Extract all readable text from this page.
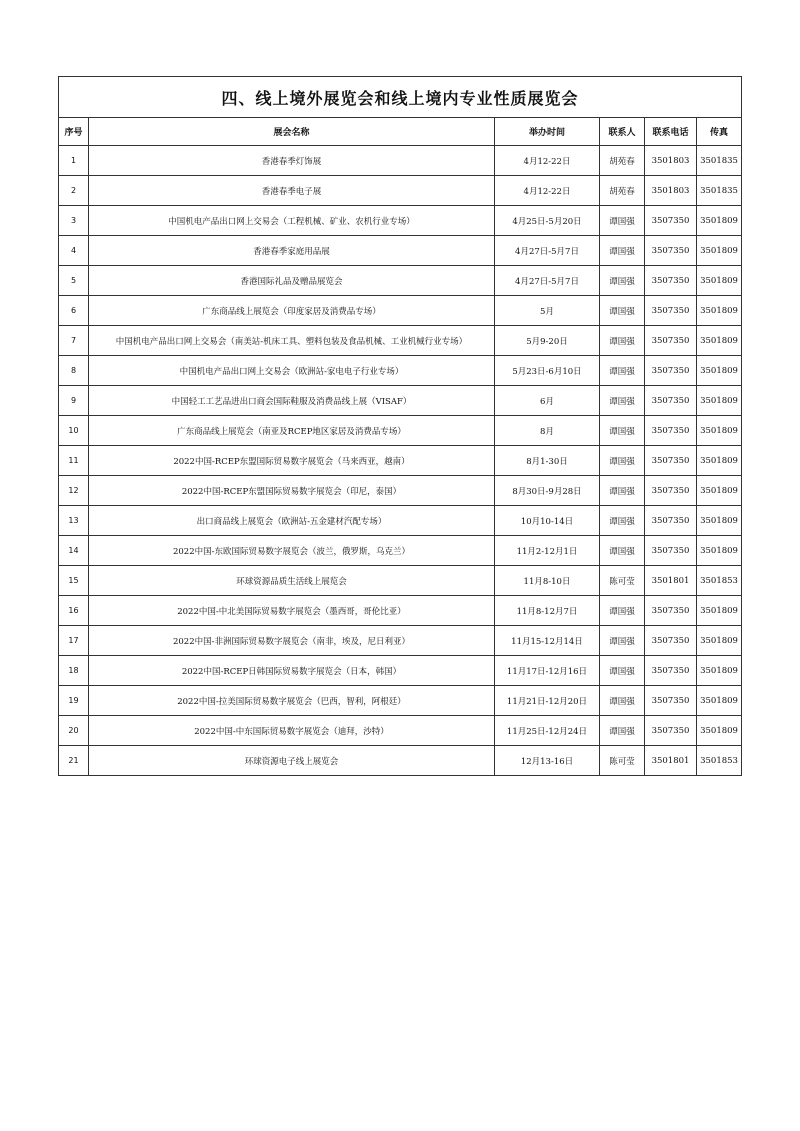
四、线上境外展览会和线上境内专业性质展览会					
序号	展会名称	举办时间	联系人	联系电话	传真
1	香港春季灯饰展	4月12-22日	胡苑春	3501803	3501835
2	香港春季电子展	4月12-22日	胡苑春	3501803	3501835
3	中国机电产品出口网上交易会（工程机械、矿业、农机行业专场）	4月25日-5月20日	谭国强	3507350	3501809
4	香港春季家庭用品展	4月27日-5月7日	谭国强	3507350	3501809
5	香港国际礼品及赠品展览会	4月27日-5月7日	谭国强	3507350	3501809
6	广东商品线上展览会（印度家居及消费品专场）	5月	谭国强	3507350	3501809
7	中国机电产品出口网上交易会（南美站-机床工具、塑料包装及食品机械、工业机械行业专场）	5月9-20日	谭国强	3507350	3501809
8	中国机电产品出口网上交易会（欧洲站-家电电子行业专场）	5月23日-6月10日	谭国强	3507350	3501809
9	中国轻工工艺品进出口商会国际鞋服及消费品线上展（VISAF）	6月	谭国强	3507350	3501809
10	广东商品线上展览会（南亚及RCEP地区家居及消费品专场）	8月	谭国强	3507350	3501809
11	2022中国-RCEP东盟国际贸易数字展览会（马来西亚，越南）	8月1-30日	谭国强	3507350	3501809
12	2022中国-RCEP东盟国际贸易数字展览会（印尼，泰国）	8月30日-9月28日	谭国强	3507350	3501809
13	出口商品线上展览会（欧洲站-五金建材汽配专场）	10月10-14日	谭国强	3507350	3501809
14	2022中国-东欧国际贸易数字展览会（波兰，俄罗斯，乌克兰）	11月2-12月1日	谭国强	3507350	3501809
15	环球资源品质生活线上展览会	11月8-10日	陈可莹	3501801	3501853
16	2022中国-中北美国际贸易数字展览会（墨西哥，哥伦比亚）	11月8-12月7日	谭国强	3507350	3501809
17	2022中国-非洲国际贸易数字展览会（南非，埃及，尼日利亚）	11月15-12月14日	谭国强	3507350	3501809
18	2022中国-RCEP日韩国际贸易数字展览会（日本，韩国）	11月17日-12月16日	谭国强	3507350	3501809
19	2022中国-拉美国际贸易数字展览会（巴西，智利，阿根廷）	11月21日-12月20日	谭国强	3507350	3501809
20	2022中国-中东国际贸易数字展览会（迪拜，沙特）	11月25日-12月24日	谭国强	3507350	3501809
21	环球资源电子线上展览会	12月13-16日	陈可莹	3501801	3501853
